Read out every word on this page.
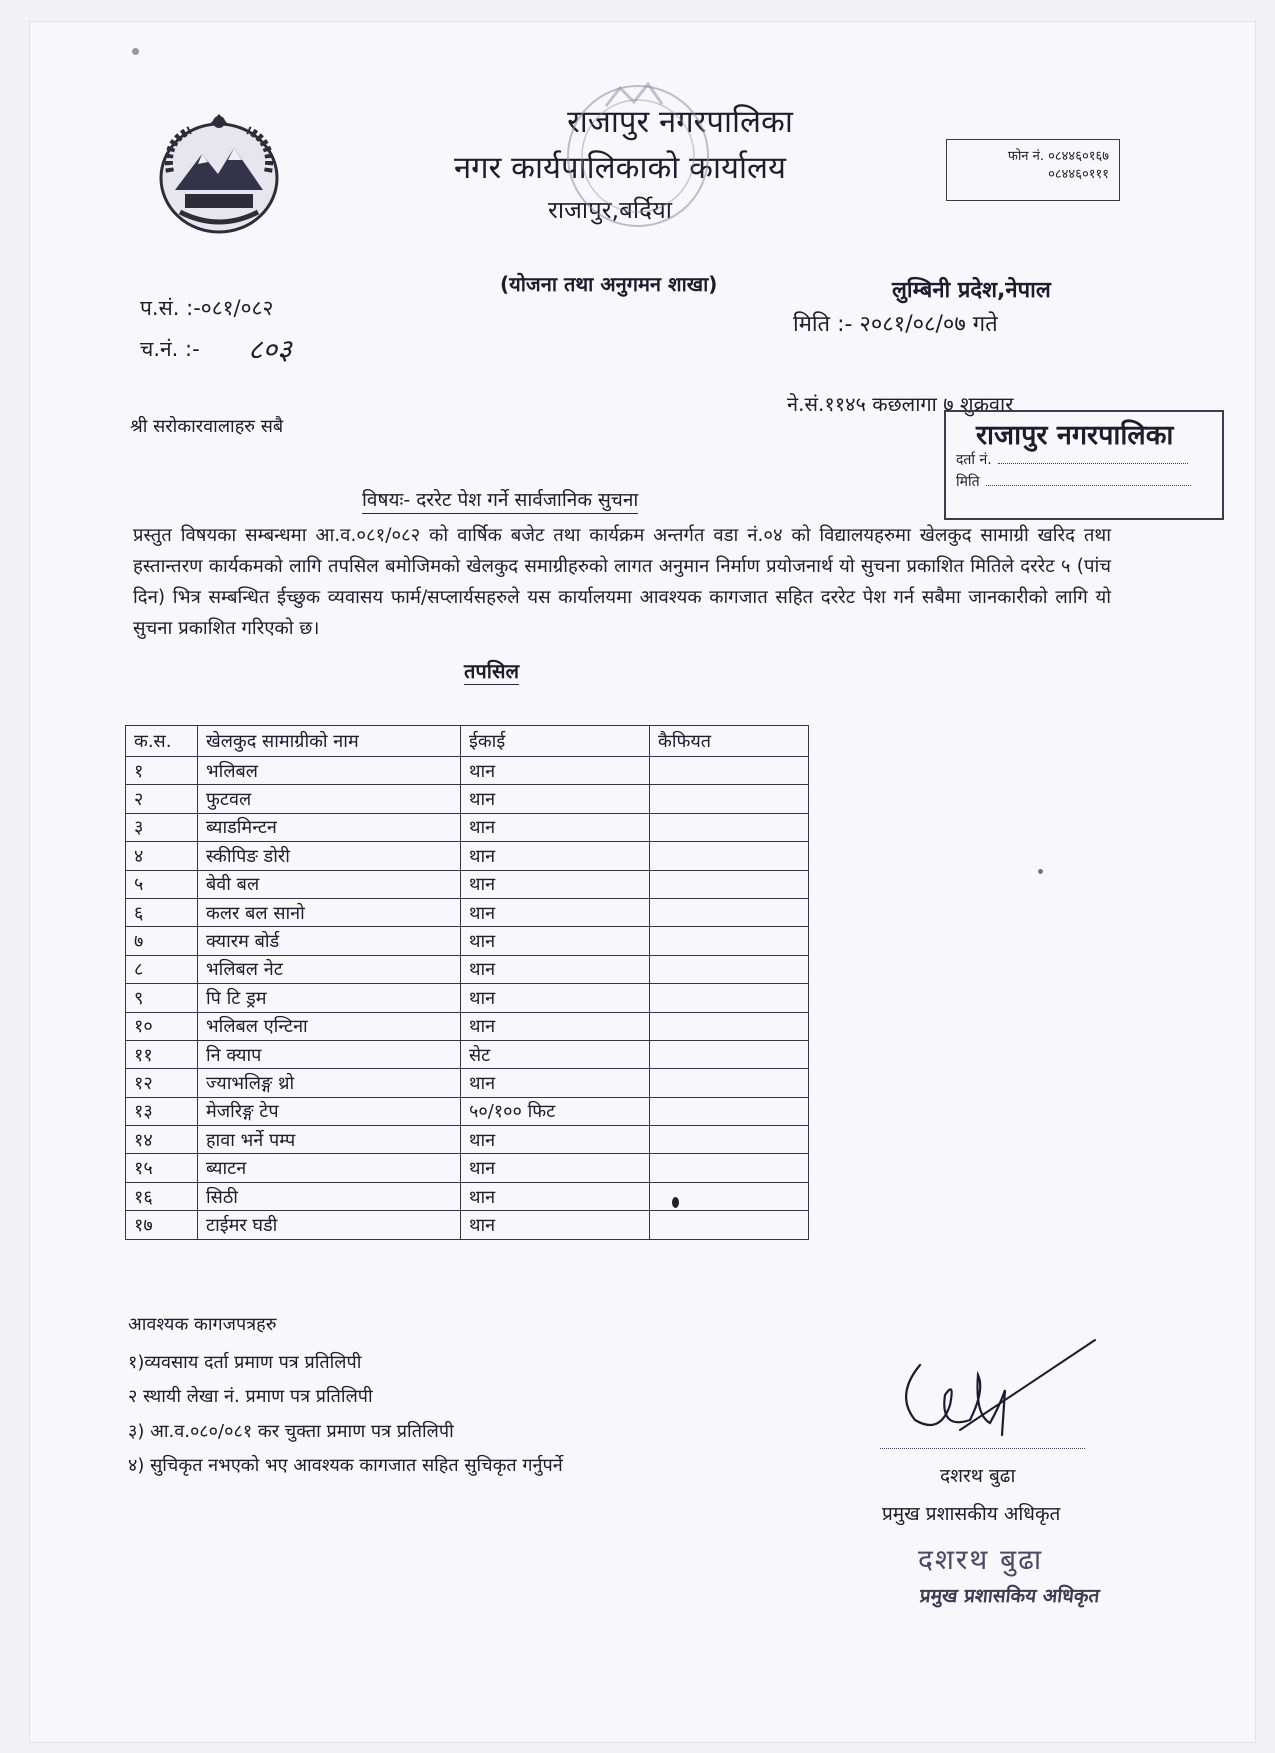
राजापुर नगरपालिका
नगर कार्यपालिकाको कार्यालय
राजापुर,बर्दिया
फोन नं. ०८४४६०१६७
०८४४६०१११
(योजना तथा अनुगमन शाखा)	लुम्बिनी प्रदेश,नेपाल
प.सं. :-०८१/०८२
च.नं. :- ८०३
मिति :- २०८१/०८/०७ गते
ने.सं.११४५ कछलागा ७ शुक्रवार
श्री सरोकारवालाहरु सबै	राजापुर नगरपालिका
दर्ता नं.
मिति
विषयः- दररेट पेश गर्ने सार्वजानिक सुचना
प्रस्तुत विषयका सम्बन्धमा आ.व.०८१/०८२ को वार्षिक बजेट तथा कार्यक्रम अन्तर्गत वडा नं.०४ को विद्यालयहरुमा खेलकुद सामाग्री खरिद तथा हस्तान्तरण कार्यकमको लागि तपसिल बमोजिमको खेलकुद समाग्रीहरुको लागत अनुमान निर्माण प्रयोजनार्थ यो सुचना प्रकाशित मितिले दररेट ५ (पांच दिन) भित्र सम्बन्धित ईच्छुक व्यवासय फार्म/सप्लार्यसहरुले यस कार्यालयमा आवश्यक कागजात सहित दररेट पेश गर्न सबैमा जानकारीको लागि यो सुचना प्रकाशित गरिएको छ।
तपसिल
क.स.	खेलकुद सामाग्रीको नाम	ईकाई	कैफियत
१	भलिबल	थान	
२	फुटवल	थान	
३	ब्याडमिन्टन	थान	
४	स्कीपिङ डोरी	थान	
५	बेवी बल	थान	
६	कलर बल सानो	थान	
७	क्यारम बोर्ड	थान	
८	भलिबल नेट	थान	
९	पि टि ड्रम	थान	
१०	भलिबल एन्टिना	थान	
११	नि क्याप	सेट	
१२	ज्याभलिङ्ग थ्रो	थान	
१३	मेजरिङ्ग टेप	५०/१०० फिट	
१४	हावा भर्ने पम्प	थान	
१५	ब्याटन	थान	
१६	सिठी	थान	
१७	टाईमर घडी	थान	
आवश्यक कागजपत्रहरु
१)व्यवसाय दर्ता प्रमाण पत्र प्रतिलिपी
२ स्थायी लेखा नं. प्रमाण पत्र प्रतिलिपी
३) आ.व.०८०/०८१ कर चुक्ता प्रमाण पत्र प्रतिलिपी
४) सुचिकृत नभएको भए आवश्यक कागजात सहित सुचिकृत गर्नुपर्ने	दशरथ बुढा
प्रमुख प्रशासकीय अधिकृत
दशरथ बुढा
प्रमुख प्रशासकिय अधिकृत
